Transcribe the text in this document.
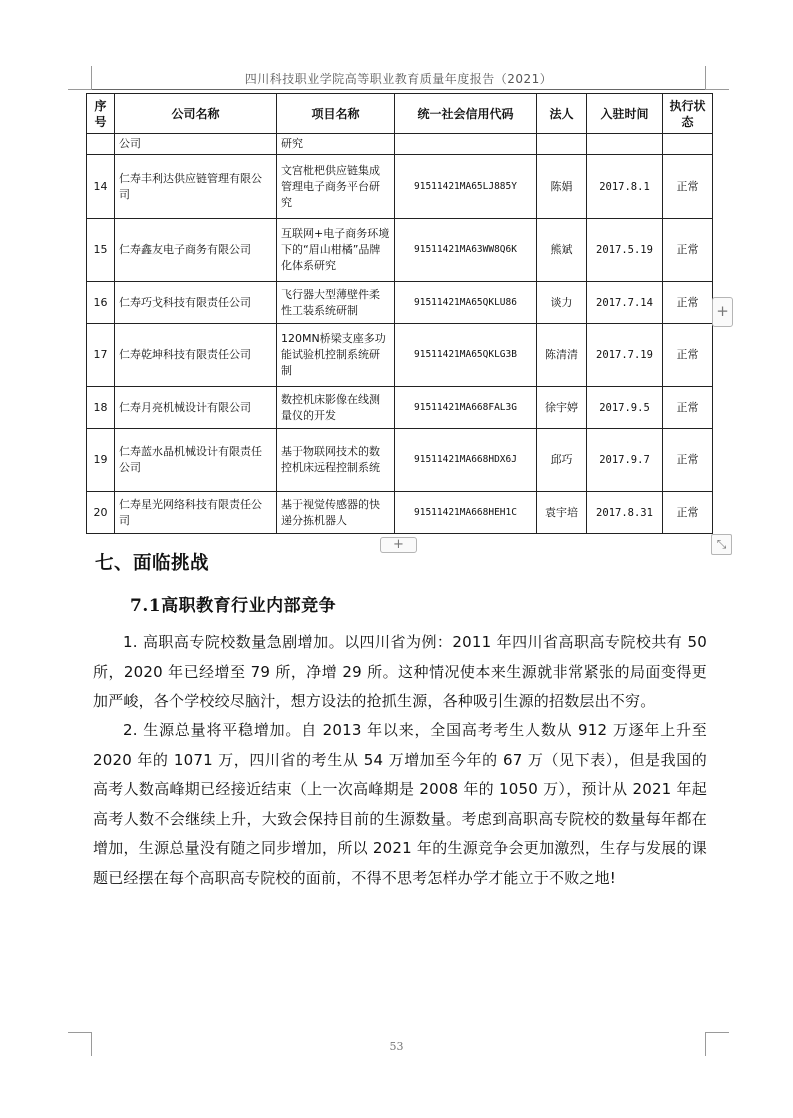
四川科技职业学院高等职业教育质量年度报告（2021）
序号	公司名称	项目名称	统一社会信用代码	法人	入驻时间	执行状态
	公司	研究				
14	仁寿丰利达供应链管理有限公司	文宫枇杷供应链集成管理电子商务平台研究	91511421MA65LJ885Y	陈娟	2017.8.1	正常
15	仁寿鑫友电子商务有限公司	互联网+电子商务环境下的“眉山柑橘”品牌化体系研究	91511421MA63WW8Q6K	熊斌	2017.5.19	正常
16	仁寿巧戈科技有限责任公司	飞行器大型薄壁件柔性工装系统研制	91511421MA65QKLU86	谈力	2017.7.14	正常
17	仁寿乾坤科技有限责任公司	120MN桥梁支座多功能试验机控制系统研制	91511421MA65QKLG3B	陈清清	2017.7.19	正常
18	仁寿月亮机械设计有限公司	数控机床影像在线测量仪的开发	91511421MA668FAL3G	徐宇婷	2017.9.5	正常
19	仁寿蓝水晶机械设计有限责任公司	基于物联网技术的数控机床远程控制系统	91511421MA668HDX6J	邱巧	2017.9.7	正常
20	仁寿星光网络科技有限责任公司	基于视觉传感器的快递分拣机器人	91511421MA668HEH1C	袁宇培	2017.8.31	正常
+
+	⤡
七、面临挑战
7.1高职教育行业内部竞争

1. 高职高专院校数量急剧增加。以四川省为例：2011 年四川省高职高专院校共有 50 所，2020 年已经增至 79 所，净增 29 所。这种情况使本来生源就非常紧张的局面变得更加严峻，各个学校绞尽脑汁，想方设法的抢抓生源，各种吸引生源的招数层出不穷。

2. 生源总量将平稳增加。自 2013 年以来，全国高考考生人数从 912 万逐年上升至 2020 年的 1071 万，四川省的考生从 54 万增加至今年的 67 万（见下表），但是我国的高考人数高峰期已经接近结束（上一次高峰期是 2008 年的 1050 万），预计从 2021 年起高考人数不会继续上升，大致会保持目前的生源数量。考虑到高职高专院校的数量每年都在增加，生源总量没有随之同步增加，所以 2021 年的生源竞争会更加激烈，生存与发展的课题已经摆在每个高职高专院校的面前，不得不思考怎样办学才能立于不败之地!

53
